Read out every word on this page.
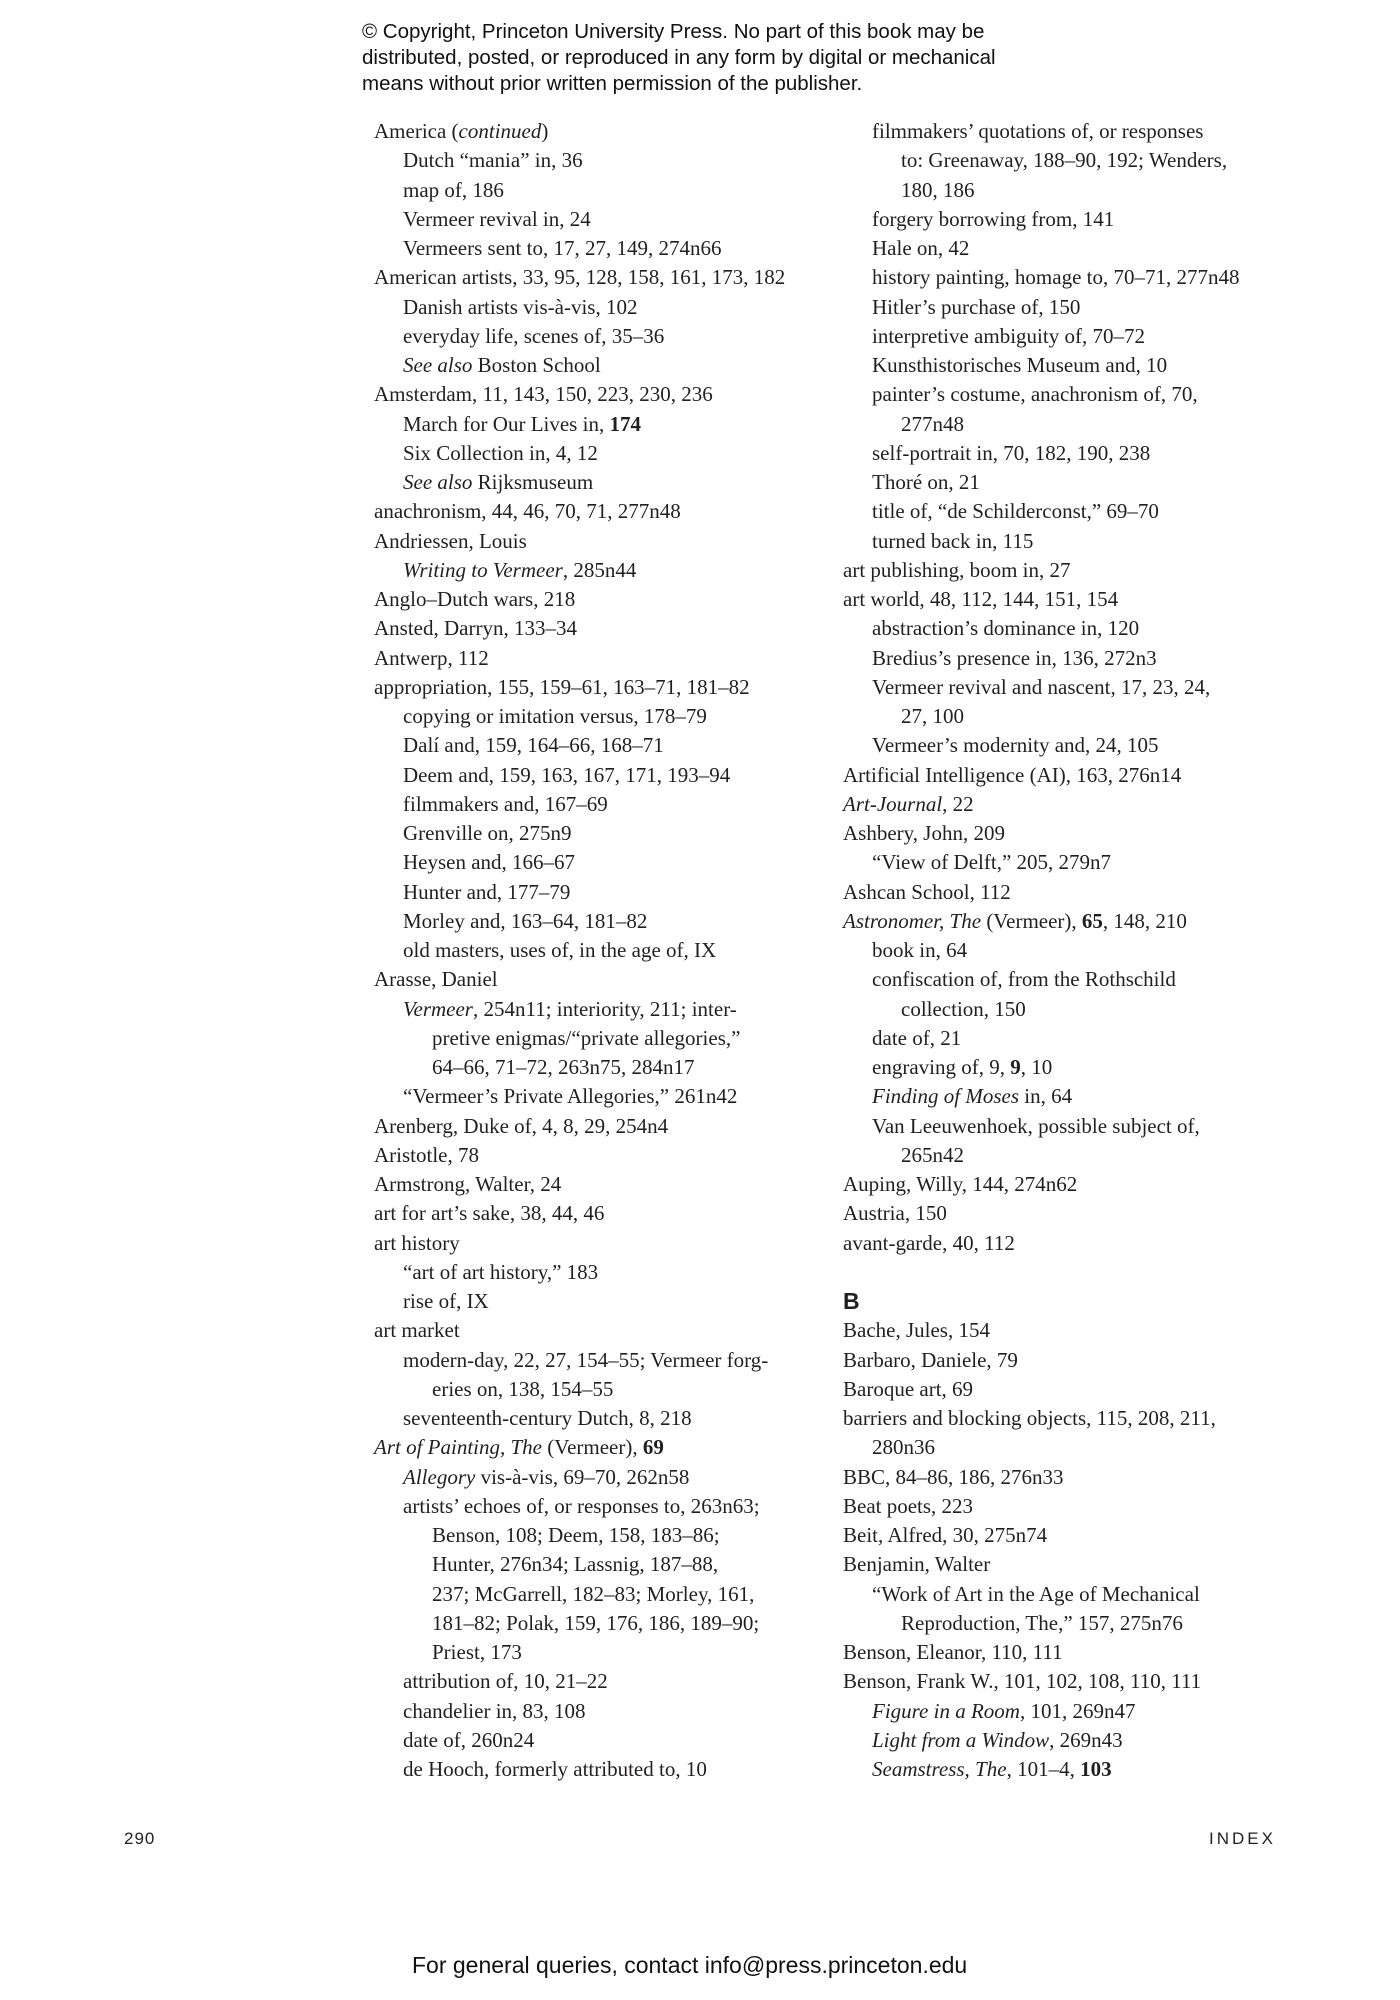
© Copyright, Princeton University Press. No part of this book may be
distributed, posted, or reproduced in any form by digital or mechanical
means without prior written permission of the publisher.
America (continued)
Dutch “mania” in, 36
map of, 186
Vermeer revival in, 24
Vermeers sent to, 17, 27, 149, 274n66
American artists, 33, 95, 128, 158, 161, 173, 182
Danish artists vis-à-vis, 102
everyday life, scenes of, 35–36
See also Boston School
Amsterdam, 11, 143, 150, 223, 230, 236
March for Our Lives in, 174
Six Collection in, 4, 12
See also Rijksmuseum
anachronism, 44, 46, 70, 71, 277n48
Andriessen, Louis
Writing to Vermeer, 285n44
Anglo–Dutch wars, 218
Ansted, Darryn, 133–34
Antwerp, 112
appropriation, 155, 159–61, 163–71, 181–82
copying or imitation versus, 178–79
Dalí and, 159, 164–66, 168–71
Deem and, 159, 163, 167, 171, 193–94
filmmakers and, 167–69
Grenville on, 275n9
Heysen and, 166–67
Hunter and, 177–79
Morley and, 163–64, 181–82
old masters, uses of, in the age of, IX
Arasse, Daniel
Vermeer, 254n11; interiority, 211; inter-
pretive enigmas/“private allegories,”
64–66, 71–72, 263n75, 284n17
“Vermeer’s Private Allegories,” 261n42
Arenberg, Duke of, 4, 8, 29, 254n4
Aristotle, 78
Armstrong, Walter, 24
art for art’s sake, 38, 44, 46
art history
“art of art history,” 183
rise of, IX
art market
modern-day, 22, 27, 154–55; Vermeer forg-
eries on, 138, 154–55
seventeenth-century Dutch, 8, 218
Art of Painting, The (Vermeer), 69
Allegory vis-à-vis, 69–70, 262n58
artists’ echoes of, or responses to, 263n63;
Benson, 108; Deem, 158, 183–86;
Hunter, 276n34; Lassnig, 187–88,
237; McGarrell, 182–83; Morley, 161,
181–82; Polak, 159, 176, 186, 189–90;
Priest, 173
attribution of, 10, 21–22
chandelier in, 83, 108
date of, 260n24
de Hooch, formerly attributed to, 10
filmmakers’ quotations of, or responses
to: Greenaway, 188–90, 192; Wenders,
180, 186
forgery borrowing from, 141
Hale on, 42
history painting, homage to, 70–71, 277n48
Hitler’s purchase of, 150
interpretive ambiguity of, 70–72
Kunsthistorisches Museum and, 10
painter’s costume, anachronism of, 70,
277n48
self-portrait in, 70, 182, 190, 238
Thoré on, 21
title of, “de Schilderconst,” 69–70
turned back in, 115
art publishing, boom in, 27
art world, 48, 112, 144, 151, 154
abstraction’s dominance in, 120
Bredius’s presence in, 136, 272n3
Vermeer revival and nascent, 17, 23, 24,
27, 100
Vermeer’s modernity and, 24, 105
Artificial Intelligence (AI), 163, 276n14
Art-Journal, 22
Ashbery, John, 209
“View of Delft,” 205, 279n7
Ashcan School, 112
Astronomer, The (Vermeer), 65, 148, 210
book in, 64
confiscation of, from the Rothschild
collection, 150
date of, 21
engraving of, 9, 9, 10
Finding of Moses in, 64
Van Leeuwenhoek, possible subject of,
265n42
Auping, Willy, 144, 274n62
Austria, 150
avant-garde, 40, 112
B
Bache, Jules, 154
Barbaro, Daniele, 79
Baroque art, 69
barriers and blocking objects, 115, 208, 211,
280n36
BBC, 84–86, 186, 276n33
Beat poets, 223
Beit, Alfred, 30, 275n74
Benjamin, Walter
“Work of Art in the Age of Mechanical
Reproduction, The,” 157, 275n76
Benson, Eleanor, 110, 111
Benson, Frank W., 101, 102, 108, 110, 111
Figure in a Room, 101, 269n47
Light from a Window, 269n43
Seamstress, The, 101–4, 103
290	INDEX
For general queries, contact info@press.princeton.edu
